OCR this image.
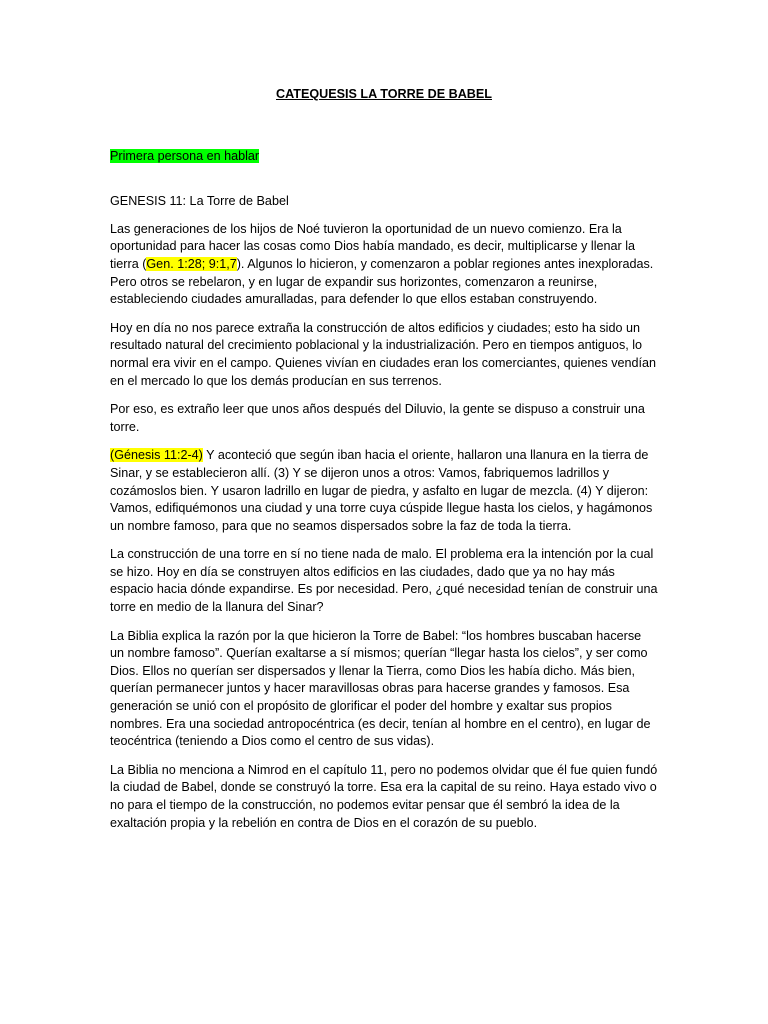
CATEQUESIS LA TORRE DE BABEL
Primera persona en hablar
GENESIS 11: La Torre de Babel

Las generaciones de los hijos de Noé tuvieron la oportunidad de un nuevo comienzo. Era la oportunidad para hacer las cosas como Dios había mandado, es decir, multiplicarse y llenar la tierra (Gen. 1:28; 9:1,7). Algunos lo hicieron, y comenzaron a poblar regiones antes inexploradas. Pero otros se rebelaron, y en lugar de expandir sus horizontes, comenzaron a reunirse, estableciendo ciudades amuralladas, para defender lo que ellos estaban construyendo.

Hoy en día no nos parece extraña la construcción de altos edificios y ciudades; esto ha sido un resultado natural del crecimiento poblacional y la industrialización. Pero en tiempos antiguos, lo normal era vivir en el campo. Quienes vivían en ciudades eran los comerciantes, quienes vendían en el mercado lo que los demás producían en sus terrenos.

Por eso, es extraño leer que unos años después del Diluvio, la gente se dispuso a construir una torre.

(Génesis 11:2-4) Y aconteció que según iban hacia el oriente, hallaron una llanura en la tierra de Sinar, y se establecieron allí. (3) Y se dijeron unos a otros: Vamos, fabriquemos ladrillos y cozámoslos bien. Y usaron ladrillo en lugar de piedra, y asfalto en lugar de mezcla. (4) Y dijeron: Vamos, edifiquémonos una ciudad y una torre cuya cúspide llegue hasta los cielos, y hagámonos un nombre famoso, para que no seamos dispersados sobre la faz de toda la tierra.

La construcción de una torre en sí no tiene nada de malo. El problema era la intención por la cual se hizo. Hoy en día se construyen altos edificios en las ciudades, dado que ya no hay más espacio hacia dónde expandirse. Es por necesidad. Pero, ¿qué necesidad tenían de construir una torre en medio de la llanura del Sinar?

La Biblia explica la razón por la que hicieron la Torre de Babel: “los hombres buscaban hacerse un nombre famoso”. Querían exaltarse a sí mismos; querían “llegar hasta los cielos”, y ser como Dios. Ellos no querían ser dispersados y llenar la Tierra, como Dios les había dicho. Más bien, querían permanecer juntos y hacer maravillosas obras para hacerse grandes y famosos. Esa generación se unió con el propósito de glorificar el poder del hombre y exaltar sus propios nombres. Era una sociedad antropocéntrica (es decir, tenían al hombre en el centro), en lugar de teocéntrica (teniendo a Dios como el centro de sus vidas).

La Biblia no menciona a Nimrod en el capítulo 11, pero no podemos olvidar que él fue quien fundó la ciudad de Babel, donde se construyó la torre. Esa era la capital de su reino. Haya estado vivo o no para el tiempo de la construcción, no podemos evitar pensar que él sembró la idea de la exaltación propia y la rebelión en contra de Dios en el corazón de su pueblo.
